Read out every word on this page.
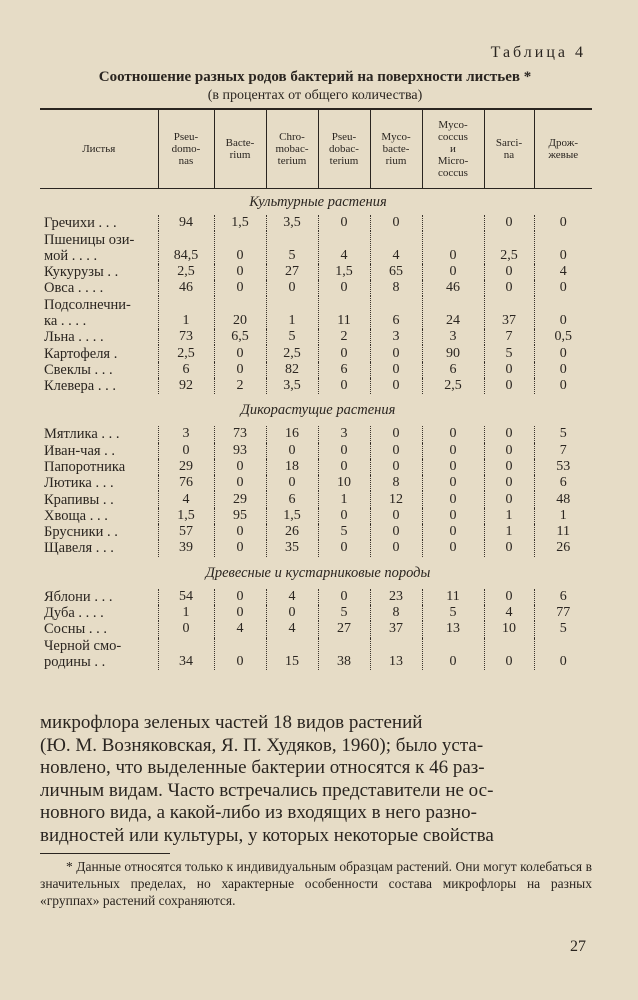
Таблица 4
Соотношение разных родов бактерий на поверхности листьев *
(в процентах от общего количества)
Листья	Pseu-
domo-
nas	Bacte-
rium	Chro-
mobac-
terium	Pseu-
dobac-
terium	Myco-
bacte-
rium	Myco-
coccus
и
Micro-
coccus	Sarci-
na	Дрож-
жевые
Культурные растения								
Гречихи . . .	94	1,5	3,5	0	0		0	0
Пшеницы ози-
мой . . . .	84,5	0	5	4	4	0	2,5	0
Кукурузы . .	2,5	0	27	1,5	65	0	0	4
Овса . . . .	46	0	0	0	8	46	0	0
Подсолнечни-
ка . . . .	1	20	1	11	6	24	37	0
Льна . . . .	73	6,5	5	2	3	3	7	0,5
Картофеля .	2,5	0	2,5	0	0	90	5	0
Свеклы . . .	6	0	82	6	0	6	0	0
Клевера . . .	92	2	3,5	0	0	2,5	0	0
Дикорастущие растения								
Мятлика . . .	3	73	16	3	0	0	0	5
Иван-чая . .	0	93	0	0	0	0	0	7
Папоротника	29	0	18	0	0	0	0	53
Лютика . . .	76	0	0	10	8	0	0	6
Крапивы . .	4	29	6	1	12	0	0	48
Хвоща . . .	1,5	95	1,5	0	0	0	1	1
Брусники . .	57	0	26	5	0	0	1	11
Щавеля . . .	39	0	35	0	0	0	0	26
Древесные и кустарниковые породы								
Яблони . . .	54	0	4	0	23	11	0	6
Дуба . . . .	1	0	0	5	8	5	4	77
Сосны . . .	0	4	4	27	37	13	10	5
Черной смо-
родины . .	34	0	15	38	13	0	0	0
микрофлора зеленых частей 18 видов растений
(Ю. М. Возняковская, Я. П. Худяков, 1960); было уста-
новлено, что выделенные бактерии относятся к 46 раз-
личным видам. Часто встречались представители не ос-
новного вида, а какой-либо из входящих в него разно-
видностей или культуры, у которых некоторые свойства
* Данные относятся только к индивидуальным образцам растений. Они могут колебаться в значительных пределах, но характерные особенности состава микрофлоры на разных «группах» растений сохраняются.
27
